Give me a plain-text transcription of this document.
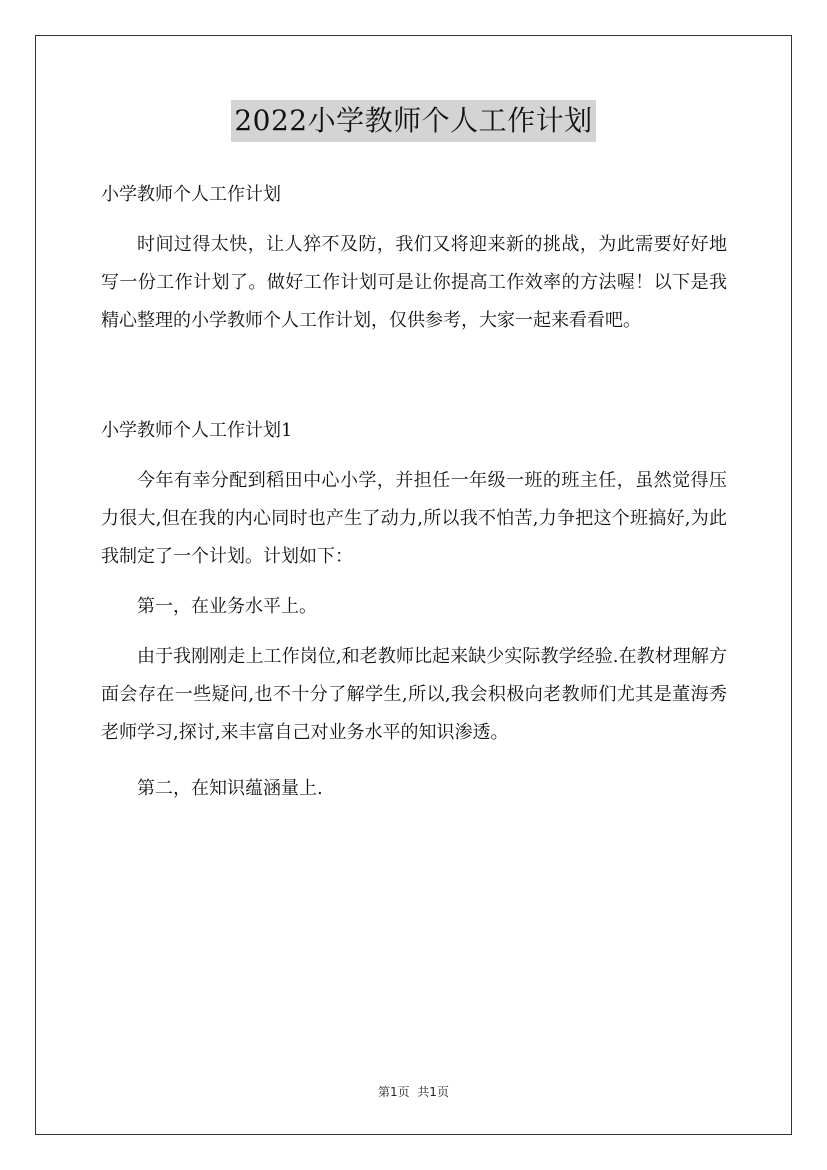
2022小学教师个人工作计划

小学教师个人工作计划

时间过得太快，让人猝不及防，我们又将迎来新的挑战，为此需要好好地写一份工作计划了。做好工作计划可是让你提高工作效率的方法喔！以下是我精心整理的小学教师个人工作计划，仅供参考，大家一起来看看吧。

小学教师个人工作计划1

今年有幸分配到稻田中心小学，并担任一年级一班的班主任，虽然觉得压力很大,但在我的内心同时也产生了动力,所以我不怕苦,力争把这个班搞好,为此我制定了一个计划。计划如下：

第一，在业务水平上。

由于我刚刚走上工作岗位,和老教师比起来缺少实际教学经验.在教材理解方面会存在一些疑问,也不十分了解学生,所以,我会积极向老教师们尤其是董海秀老师学习,探讨,来丰富自己对业务水平的知识渗透。

第二，在知识蕴涵量上.

第1页  共1页
